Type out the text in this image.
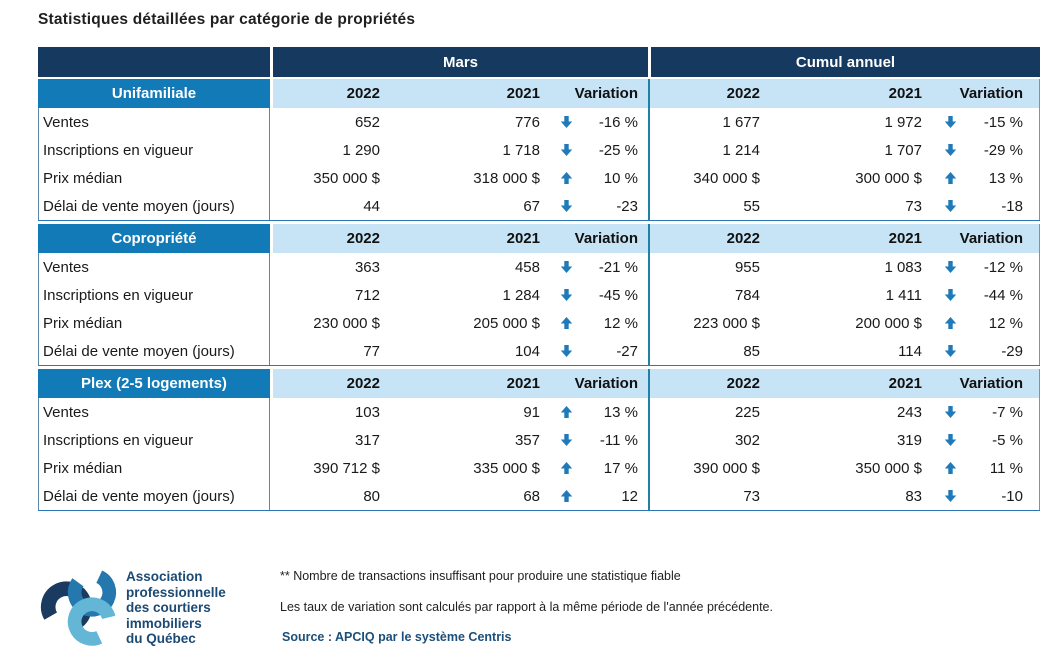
Statistiques détaillées par catégorie de propriétés
Mars	Cumul annuel
Unifamiliale	2022	2021	Variation	2022	2021	Variation
Ventes	652	776	-16 %	1 677	1 972	-15 %
Inscriptions en vigueur	1 290	1 718	-25 %	1 214	1 707	-29 %
Prix médian	350 000 $	318 000 $	10 %	340 000 $	300 000 $	13 %
Délai de vente moyen (jours)	44	67	-23	55	73	-18
Copropriété	2022	2021	Variation	2022	2021	Variation
Ventes	363	458	-21 %	955	1 083	-12 %
Inscriptions en vigueur	712	1 284	-45 %	784	1 411	-44 %
Prix médian	230 000 $	205 000 $	12 %	223 000 $	200 000 $	12 %
Délai de vente moyen (jours)	77	104	-27	85	114	-29
Plex (2-5 logements)	2022	2021	Variation	2022	2021	Variation
Ventes	103	91	13 %	225	243	-7 %
Inscriptions en vigueur	317	357	-11 %	302	319	-5 %
Prix médian	390 712 $	335 000 $	17 %	390 000 $	350 000 $	11 %
Délai de vente moyen (jours)	80	68	12	73	83	-10
Association
professionnelle
des courtiers
immobiliers
du Québec
** Nombre de transactions insuffisant pour produire une statistique fiable
Les taux de variation sont calculés par rapport à la même période de l'année précédente.
Source : APCIQ par le système Centris
